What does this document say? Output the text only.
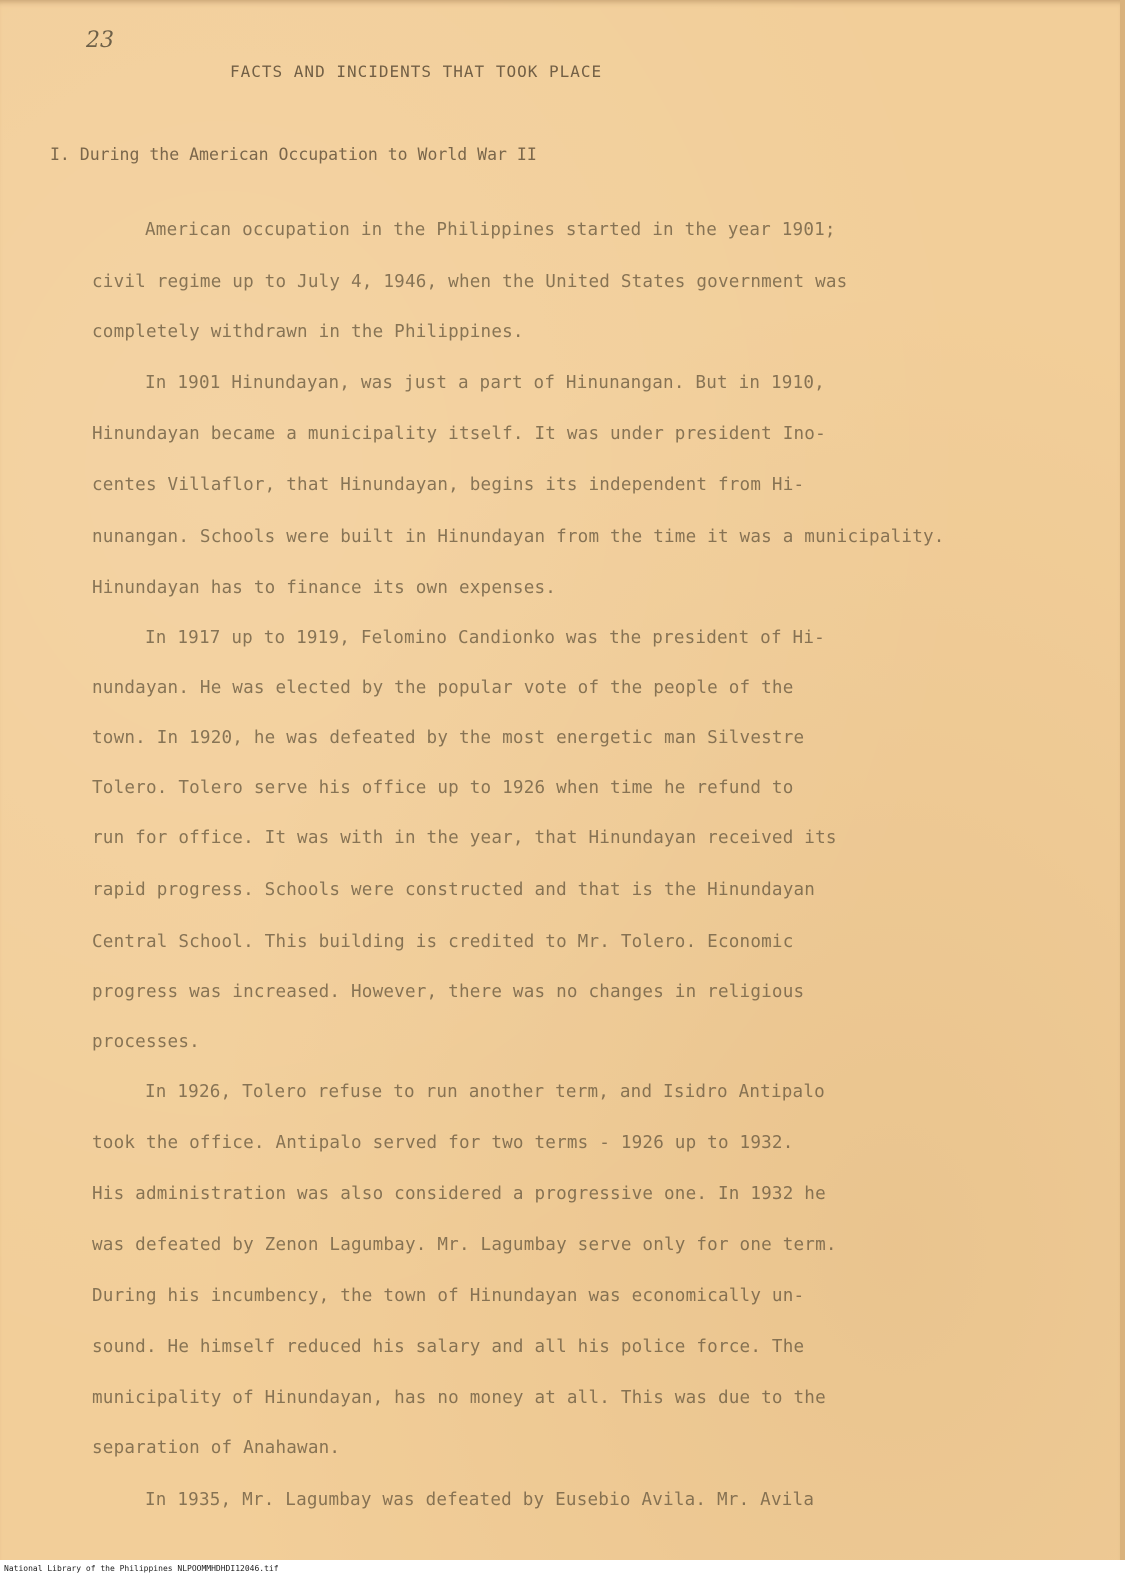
23
FACTS AND INCIDENTS THAT TOOK PLACE
I. During the American Occupation to World War II
American occupation in the Philippines started in the year 1901;
civil regime up to July 4, 1946, when the United States government was
completely withdrawn in the Philippines.
In 1901 Hinundayan, was just a part of Hinunangan. But in 1910,
Hinundayan became a municipality itself. It was under president Ino-
centes Villaflor, that Hinundayan, begins its independent from Hi-
nunangan. Schools were built in Hinundayan from the time it was a municipality.
Hinundayan has to finance its own expenses.
In 1917 up to 1919, Felomino Candionko was the president of Hi-
nundayan. He was elected by the popular vote of the people of the
town. In 1920, he was defeated by the most energetic man Silvestre
Tolero. Tolero serve his office up to 1926 when time he refund to
run for office. It was with in the year, that Hinundayan received its
rapid progress. Schools were constructed and that is the Hinundayan
Central School. This building is credited to Mr. Tolero. Economic
progress was increased. However, there was no changes in religious
processes.
In 1926, Tolero refuse to run another term, and Isidro Antipalo
took the office. Antipalo served for two terms - 1926 up to 1932.
His administration was also considered a progressive one. In 1932 he
was defeated by Zenon Lagumbay. Mr. Lagumbay serve only for one term.
During his incumbency, the town of Hinundayan was economically un-
sound. He himself reduced his salary and all his police force. The
municipality of Hinundayan, has no money at all. This was due to the
separation of Anahawan.
In 1935, Mr. Lagumbay was defeated by Eusebio Avila. Mr. Avila
National Library of the Philippines NLPOOMMHDHDI12046.tif
